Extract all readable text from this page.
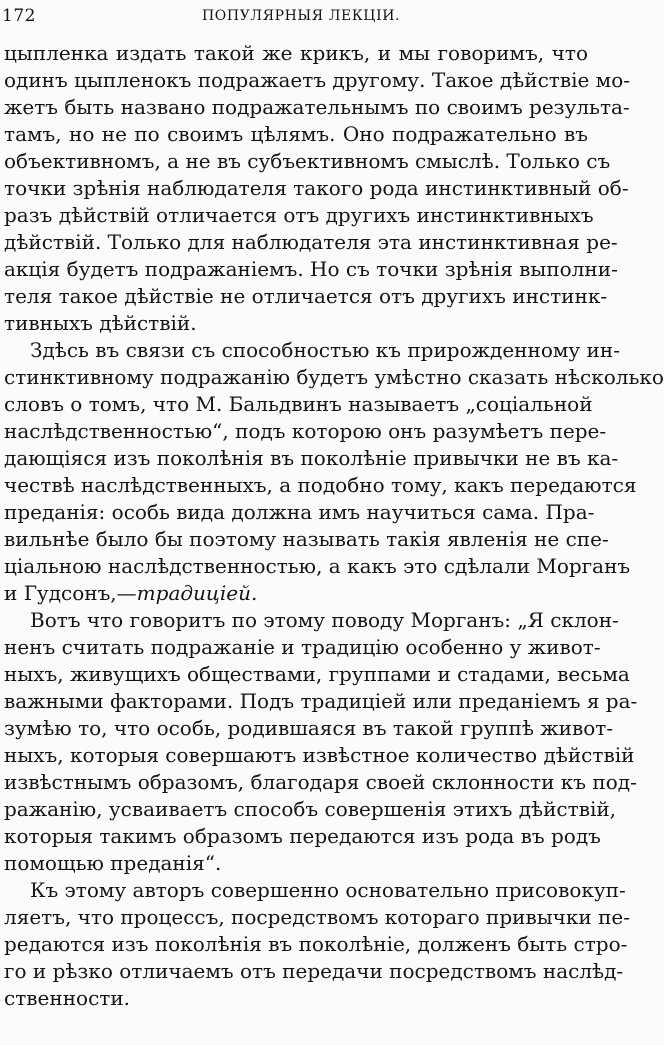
172	ПОПУЛЯРНЫЯ ЛЕКЦIИ.
цыпленка издать такой же крикъ, и мы говоримъ, что
одинъ цыпленокъ подражаетъ другому. Такое дѣйствiе мо-
жетъ быть названо подражательнымъ по своимъ результа-
тамъ, но не по своимъ цѣлямъ. Оно подражательно въ
объективномъ, а не въ субъективномъ смыслѣ. Только съ
точки зрѣнiя наблюдателя такого рода инстинктивный об-
разъ дѣйствiй отличается отъ другихъ инстинктивныхъ
дѣйствiй. Только для наблюдателя эта инстинктивная ре-
акцiя будетъ подражанiемъ. Но съ точки зрѣнiя выполни-
теля такое дѣйствiе не отличается отъ другихъ инстинк-
тивныхъ дѣйствiй.
Здѣсь въ связи съ способностью къ прирожденному ин-
стинктивному подражанiю будетъ умѣстно сказать нѣсколько
словъ о томъ, что М. Бальдвинъ называетъ „соцiальной
наслѣдственностью“, подъ которою онъ разумѣетъ пере-
дающiяся изъ поколѣнiя въ поколѣнiе привычки не въ ка-
чествѣ наслѣдственныхъ, а подобно тому, какъ передаются
преданiя: особь вида должна имъ научиться сама. Пра-
вильнѣе было бы поэтому называть такiя явленiя не спе-
цiальною наслѣдственностью, а какъ это сдѣлали Морганъ
и Гудсонъ,—традицiей.
Вотъ что говоритъ по этому поводу Морганъ: „Я склон-
ненъ считать подражанiе и традицiю особенно у живот-
ныхъ, живущихъ обществами, группами и стадами, весьма
важными факторами. Подъ традицiей или преданiемъ я ра-
зумѣю то, что особь, родившаяся въ такой группѣ живот-
ныхъ, которыя совершаютъ извѣстное количество дѣйствiй
извѣстнымъ образомъ, благодаря своей склонности къ под-
ражанiю, усваиваетъ способъ совершенiя этихъ дѣйствiй,
которыя такимъ образомъ передаются изъ рода въ родъ
помощью преданiя“.
Къ этому авторъ совершенно основательно присовокуп-
ляетъ, что процессъ, посредствомъ котораго привычки пе-
редаются изъ поколѣнiя въ поколѣнiе, долженъ быть стро-
го и рѣзко отличаемъ отъ передачи посредствомъ наслѣд-
ственности.
